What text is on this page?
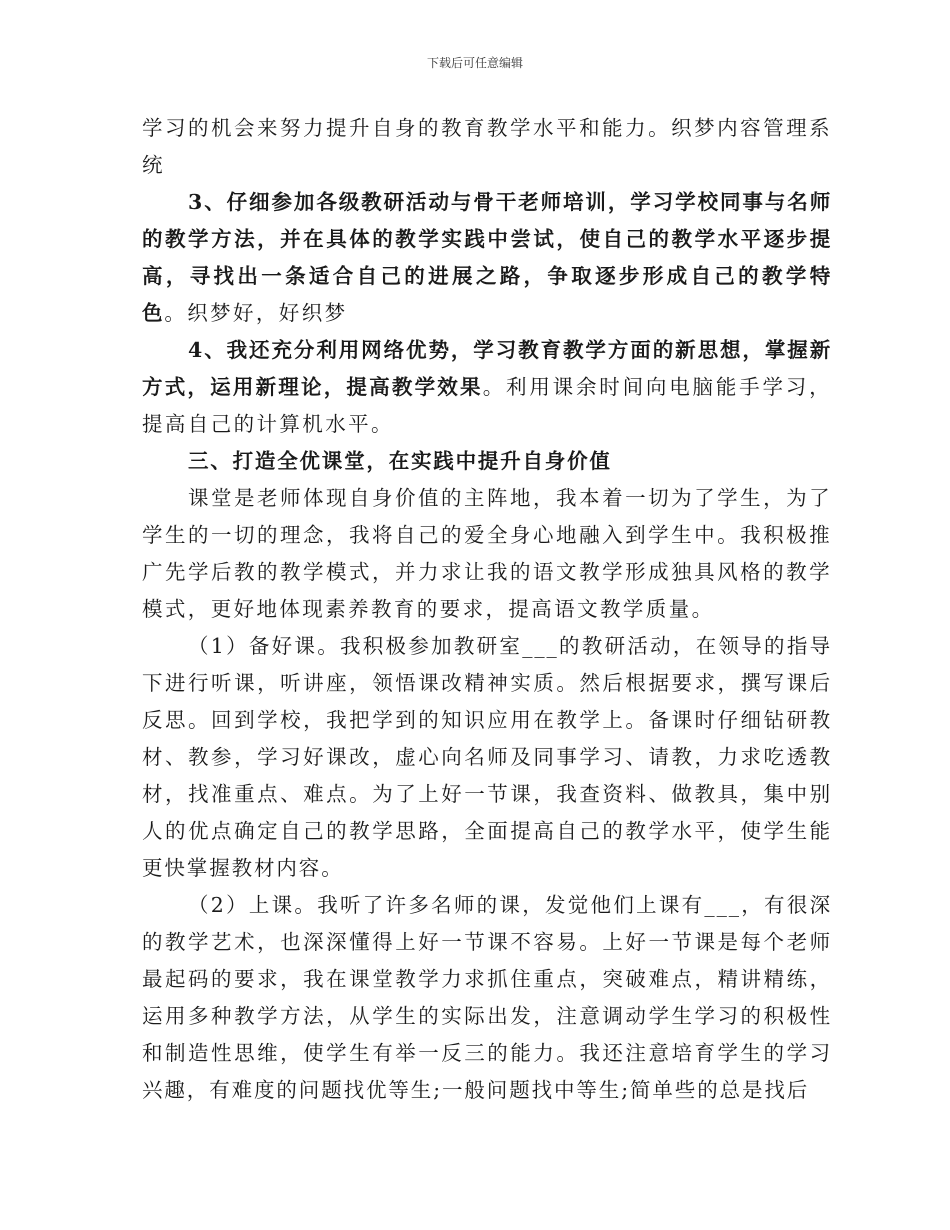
下载后可任意编辑

学习的机会来努力提升自身的教育教学水平和能力。织梦内容管理系统

3、仔细参加各级教研活动与骨干老师培训，学习学校同事与名师的教学方法，并在具体的教学实践中尝试，使自己的教学水平逐步提高，寻找出一条适合自己的进展之路，争取逐步形成自己的教学特色。织梦好，好织梦

4、我还充分利用网络优势，学习教育教学方面的新思想，掌握新方式，运用新理论，提高教学效果。利用课余时间向电脑能手学习，提高自己的计算机水平。

三、打造全优课堂，在实践中提升自身价值

课堂是老师体现自身价值的主阵地，我本着一切为了学生，为了学生的一切的理念，我将自己的爱全身心地融入到学生中。我积极推广先学后教的教学模式，并力求让我的语文教学形成独具风格的教学模式，更好地体现素养教育的要求，提高语文教学质量。

（1）备好课。我积极参加教研室___的教研活动，在领导的指导下进行听课，听讲座，领悟课改精神实质。然后根据要求，撰写课后反思。回到学校，我把学到的知识应用在教学上。备课时仔细钻研教材、教参，学习好课改，虚心向名师及同事学习、请教，力求吃透教材，找准重点、难点。为了上好一节课，我查资料、做教具，集中别人的优点确定自己的教学思路，全面提高自己的教学水平，使学生能更快掌握教材内容。

（2）上课。我听了许多名师的课，发觉他们上课有___，有很深的教学艺术，也深深懂得上好一节课不容易。上好一节课是每个老师最起码的要求，我在课堂教学力求抓住重点，突破难点，精讲精练，运用多种教学方法，从学生的实际出发，注意调动学生学习的积极性和制造性思维，使学生有举一反三的能力。我还注意培育学生的学习兴趣，有难度的问题找优等生;一般问题找中等生;简单些的总是找后
